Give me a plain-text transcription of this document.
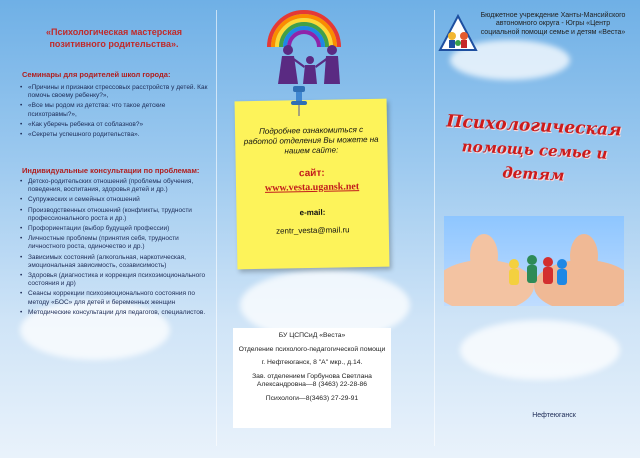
«Психологическая мастерская позитивного родительства».
Семинары для родителей школ города:
• «Причины и признаки стрессовых расстройств у детей. Как помочь своему ребенку?»,
• «Все мы родом из детства: что такое детские психотравмы?»,
• «Как уберечь ребенка от соблазнов?»
• «Секреты успешного родительства».
Индивидуальные консультации по проблемам:
• Детско-родительских отношений (проблемы обучения, поведения, воспитания, здоровья детей и др.)
• Супружеских и семейных отношений
• Производственных отношений (конфликты, трудности профессионального роста и др.)
• Профориентации (выбор будущей профессии)
• Личностные проблемы (принятия себя, трудности личностного роста, одиночество и др.)
• Зависимых состояний (алкогольная, наркотическая, эмоциональная зависимость, созависимость)
• Здоровья (диагностика и коррекция психоэмоционального состояния и др)
• Сеансы коррекции психоэмоционального состояния по методу «БОС» для детей и беременных женщин
• Методические консультации для педагогов, специалистов.
Подробнее ознакомиться с работой отделения Вы можете на нашем сайте:
сайт:
www.vesta.ugansk.net
e-mail:
zentr_vesta@mail.ru
БУ ЦСПСиД «Веста»
Отделение психолого-педагогической помощи
г. Нефтеюганск, 8 "А" мкр., д.14.
Зав. отделением Горбунова Светлана Александровна—8 (3463) 22-28-86
Психологи—8(3463) 27-29-91
Бюджетное учреждение Ханты-Мансийского автономного округа - Югры «Центр социальной помощи семье и детям «Веста»
Психологическая
помощь семье и детям
Нефтеюганск
